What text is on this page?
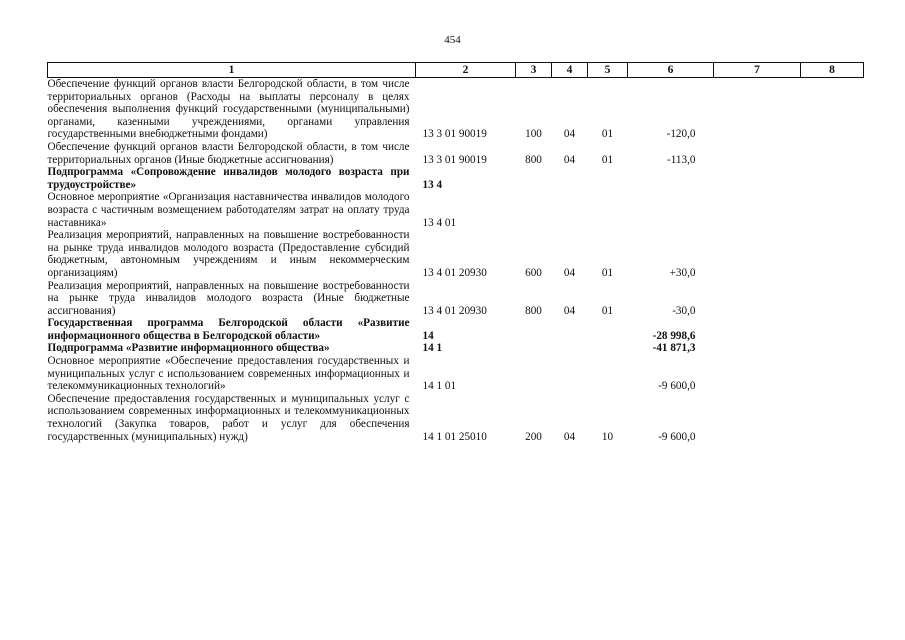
454
1	2	3	4	5	6	7	8
Обеспечение функций органов власти Белгородской области, в том числе территориальных органов (Расходы на выплаты персоналу в целях обеспечения выполнения функций государственными (муниципальными) органами, казенными учреждениями, органами управления государственными внебюджетными фондами)	13 3 01 90019	100	04	01	-120,0		
Обеспечение функций органов власти Белгородской области, в том числе территориальных органов (Иные бюджетные ассигнования)	13 3 01 90019	800	04	01	-113,0		
Подпрограмма «Сопровождение инвалидов молодого возраста при трудоустройстве»	13 4						
Основное мероприятие «Организация наставничества инвалидов молодого возраста с частичным возмещением работодателям затрат на оплату труда наставника»	13 4 01						
Реализация мероприятий, направленных на повышение востребованности на рынке труда инвалидов молодого возраста (Предоставление субсидий бюджетным, автономным учреждениям и иным некоммерческим организациям)	13 4 01 20930	600	04	01	+30,0		
Реализация мероприятий, направленных на повышение востребованности на рынке труда инвалидов молодого возраста (Иные бюджетные ассигнования)	13 4 01 20930	800	04	01	-30,0		
Государственная программа Белгородской области «Развитие информационного общества в Белгородской области»	14				-28 998,6		
Подпрограмма «Развитие информационного общества»	14 1				-41 871,3		
Основное мероприятие «Обеспечение предоставления государственных и муниципальных услуг с использованием современных информационных и телекоммуникационных технологий»	14 1 01				-9 600,0		
Обеспечение предоставления государственных и муниципальных услуг с использованием современных информационных и телекоммуникационных технологий (Закупка товаров, работ и услуг для обеспечения государственных (муниципальных) нужд)	14 1 01 25010	200	04	10	-9 600,0		
